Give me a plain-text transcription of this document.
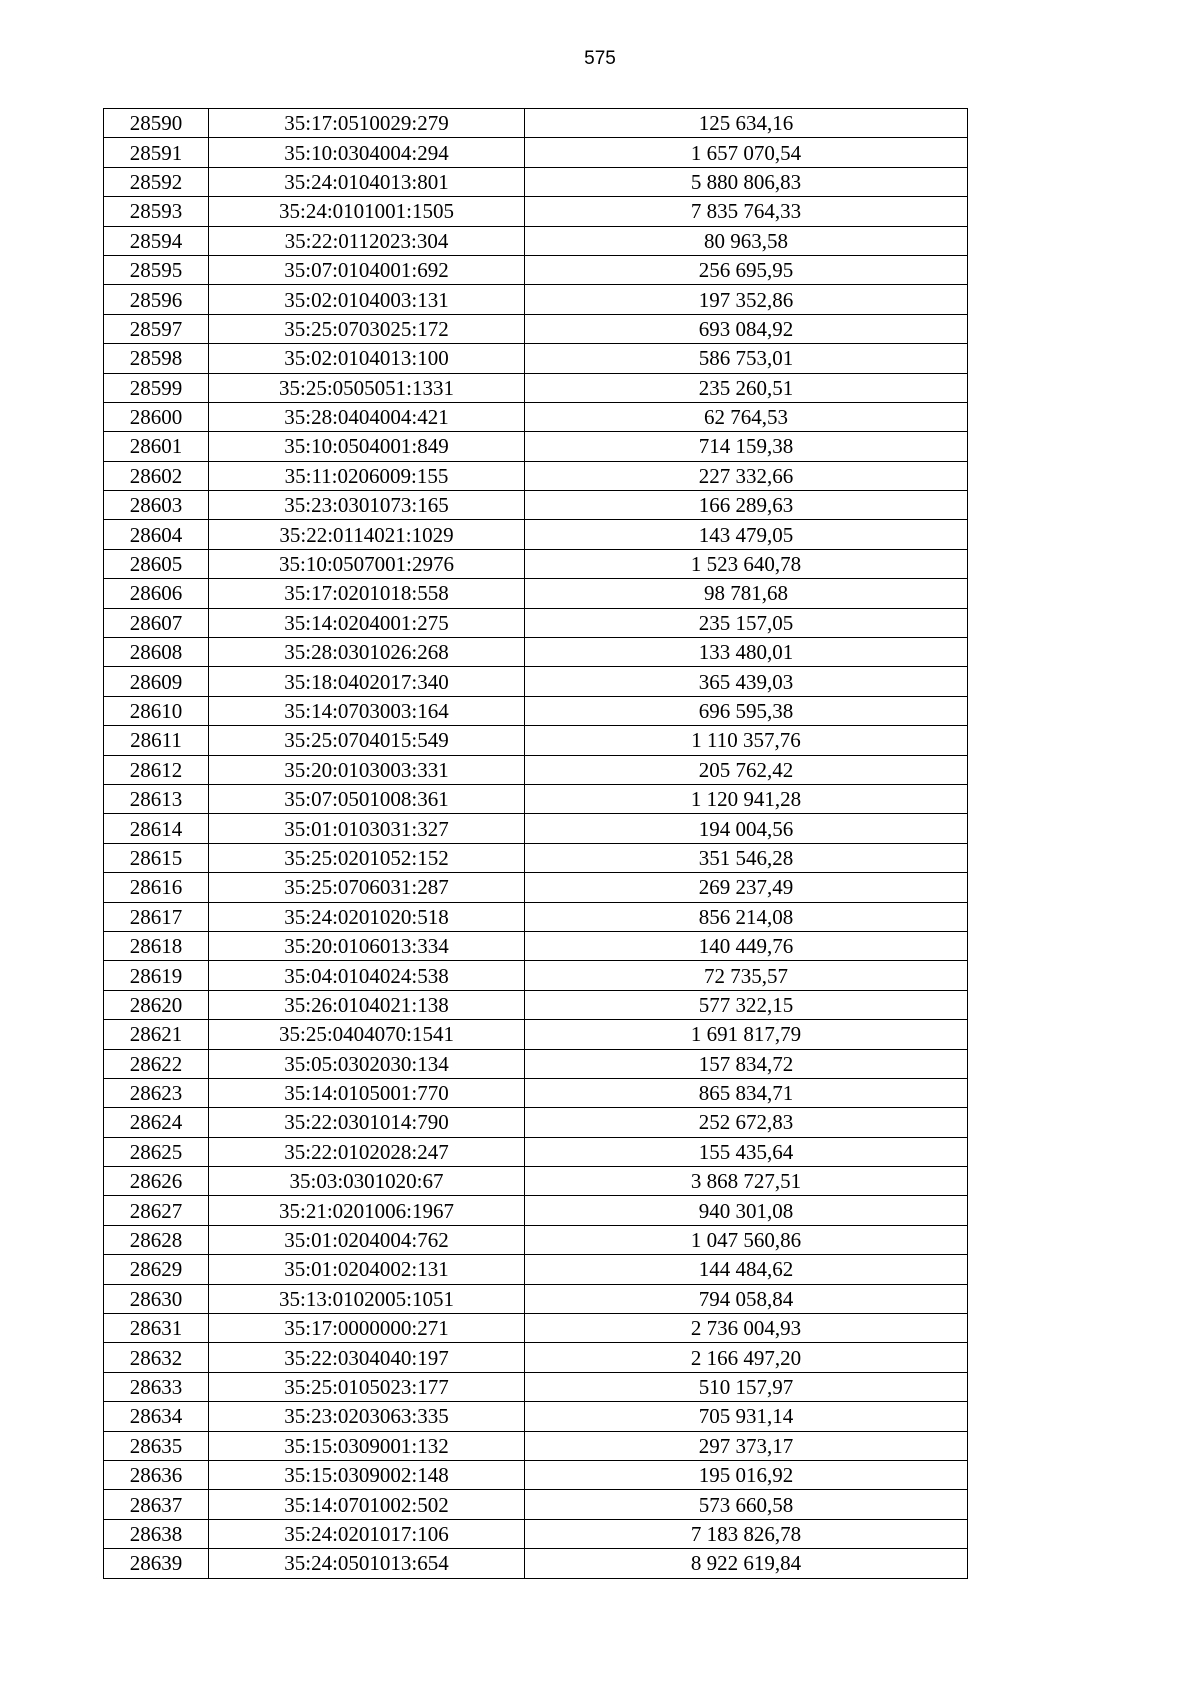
575
28590	35:17:0510029:279	125 634,16
28591	35:10:0304004:294	1 657 070,54
28592	35:24:0104013:801	5 880 806,83
28593	35:24:0101001:1505	7 835 764,33
28594	35:22:0112023:304	80 963,58
28595	35:07:0104001:692	256 695,95
28596	35:02:0104003:131	197 352,86
28597	35:25:0703025:172	693 084,92
28598	35:02:0104013:100	586 753,01
28599	35:25:0505051:1331	235 260,51
28600	35:28:0404004:421	62 764,53
28601	35:10:0504001:849	714 159,38
28602	35:11:0206009:155	227 332,66
28603	35:23:0301073:165	166 289,63
28604	35:22:0114021:1029	143 479,05
28605	35:10:0507001:2976	1 523 640,78
28606	35:17:0201018:558	98 781,68
28607	35:14:0204001:275	235 157,05
28608	35:28:0301026:268	133 480,01
28609	35:18:0402017:340	365 439,03
28610	35:14:0703003:164	696 595,38
28611	35:25:0704015:549	1 110 357,76
28612	35:20:0103003:331	205 762,42
28613	35:07:0501008:361	1 120 941,28
28614	35:01:0103031:327	194 004,56
28615	35:25:0201052:152	351 546,28
28616	35:25:0706031:287	269 237,49
28617	35:24:0201020:518	856 214,08
28618	35:20:0106013:334	140 449,76
28619	35:04:0104024:538	72 735,57
28620	35:26:0104021:138	577 322,15
28621	35:25:0404070:1541	1 691 817,79
28622	35:05:0302030:134	157 834,72
28623	35:14:0105001:770	865 834,71
28624	35:22:0301014:790	252 672,83
28625	35:22:0102028:247	155 435,64
28626	35:03:0301020:67	3 868 727,51
28627	35:21:0201006:1967	940 301,08
28628	35:01:0204004:762	1 047 560,86
28629	35:01:0204002:131	144 484,62
28630	35:13:0102005:1051	794 058,84
28631	35:17:0000000:271	2 736 004,93
28632	35:22:0304040:197	2 166 497,20
28633	35:25:0105023:177	510 157,97
28634	35:23:0203063:335	705 931,14
28635	35:15:0309001:132	297 373,17
28636	35:15:0309002:148	195 016,92
28637	35:14:0701002:502	573 660,58
28638	35:24:0201017:106	7 183 826,78
28639	35:24:0501013:654	8 922 619,84
